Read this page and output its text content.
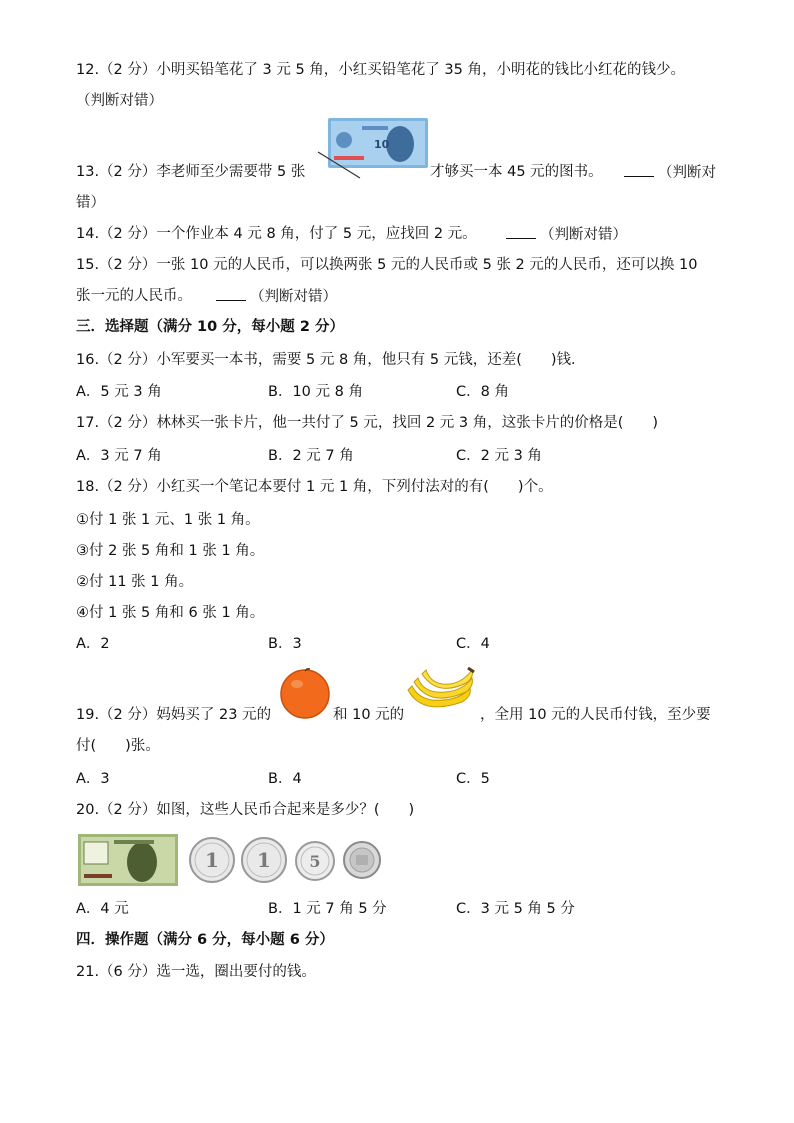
12.（2 分）小明买铅笔花了 3 元 5 角，小红买铅笔花了 35 角，小明花的钱比小红花的钱少。
（判断对错）
10
13.（2 分）李老师至少需要带 5 张	才够买一本 45 元的图书。	（判断对
错）
14.（2 分）一个作业本 4 元 8 角，付了 5 元，应找回 2 元。	（判断对错）
15.（2 分）一张 10 元的人民币，可以换两张 5 元的人民币或 5 张 2 元的人民币，还可以换 10
张一元的人民币。	（判断对错）
三．选择题（满分 10 分，每小题 2 分）
16.（2 分）小军要买一本书，需要 5 元 8 角，他只有 5 元钱，还差(　　)钱．
A．5 元 3 角	B．10 元 8 角	C．8 角
17.（2 分）林林买一张卡片，他一共付了 5 元，找回 2 元 3 角，这张卡片的价格是(　　)
A．3 元 7 角	B．2 元 7 角	C．2 元 3 角
18.（2 分）小红买一个笔记本要付 1 元 1 角，下列付法对的有(　　)个。
①付 1 张 1 元、1 张 1 角。
③付 2 张 5 角和 1 张 1 角。
②付 11 张 1 角。
④付 1 张 5 角和 6 张 1 角。
A．2	B．3	C．4
19.（2 分）妈妈买了 23 元的	和 10 元的	，全用 10 元的人民币付钱，至少要
付(　　)张。
A．3	B．4	C．5
20.（2 分）如图，这些人民币合起来是多少？(　　)
1 1 5
A．4 元	B．1 元 7 角 5 分	C．3 元 5 角 5 分
四．操作题（满分 6 分，每小题 6 分）
21.（6 分）选一选，圈出要付的钱。
